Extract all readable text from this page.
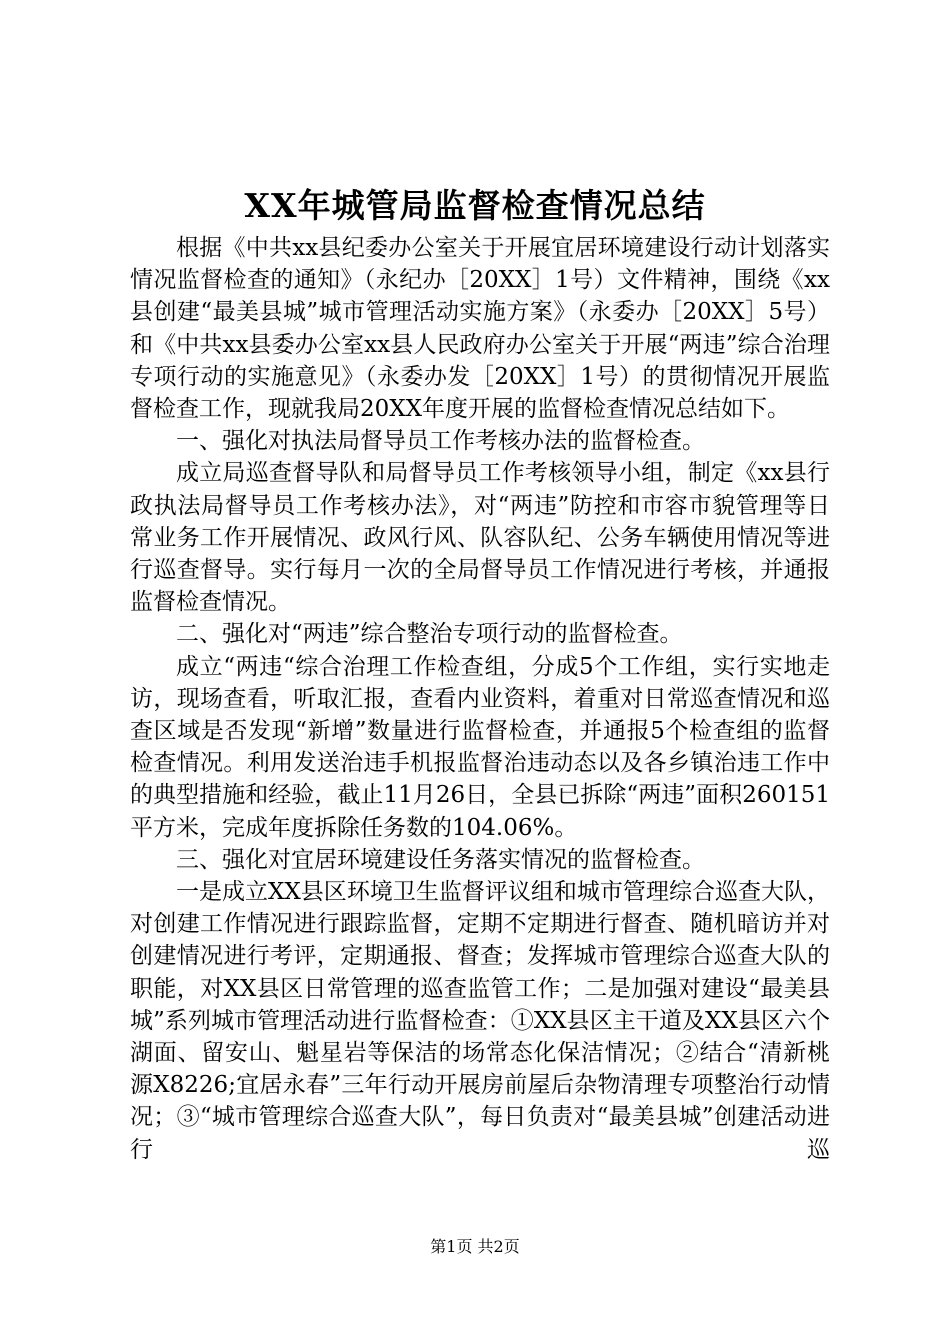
XX年城管局监督检查情况总结

根据《中共xx县纪委办公室关于开展宜居环境建设行动计划落实情况监督检查的通知》（永纪办［20XX］1号）文件精神，围绕《xx县创建“最美县城”城市管理活动实施方案》（永委办［20XX］5号）和《中共xx县委办公室xx县人民政府办公室关于开展“两违”综合治理专项行动的实施意见》（永委办发［20XX］1号）的贯彻情况开展监督检查工作，现就我局20XX年度开展的监督检查情况总结如下。

一、强化对执法局督导员工作考核办法的监督检查。

成立局巡查督导队和局督导员工作考核领导小组，制定《xx县行政执法局督导员工作考核办法》，对“两违”防控和市容市貌管理等日常业务工作开展情况、政风行风、队容队纪、公务车辆使用情况等进行巡查督导。实行每月一次的全局督导员工作情况进行考核，并通报监督检查情况。

二、强化对“两违”综合整治专项行动的监督检查。

成立“两违“综合治理工作检查组，分成5个工作组，实行实地走访，现场查看，听取汇报，查看内业资料，着重对日常巡查情况和巡查区域是否发现“新增”数量进行监督检查，并通报5个检查组的监督检查情况。利用发送治违手机报监督治违动态以及各乡镇治违工作中的典型措施和经验，截止11月26日，全县已拆除“两违”面积260151平方米，完成年度拆除任务数的104.06%。

三、强化对宜居环境建设任务落实情况的监督检查。

一是成立XX县区环境卫生监督评议组和城市管理综合巡查大队，对创建工作情况进行跟踪监督，定期不定期进行督查、随机暗访并对创建情况进行考评，定期通报、督查；发挥城市管理综合巡查大队的职能，对XX县区日常管理的巡查监管工作；二是加强对建设“最美县城”系列城市管理活动进行监督检查：①XX县区主干道及XX县区六个湖面、留安山、魁星岩等保洁的场常态化保洁情况；②结合“清新桃源X8226;宜居永春”三年行动开展房前屋后杂物清理专项整治行动情况；③“城市管理综合巡查大队”，每日负责对“最美县城”创建活动进行巡

第1页 共2页
